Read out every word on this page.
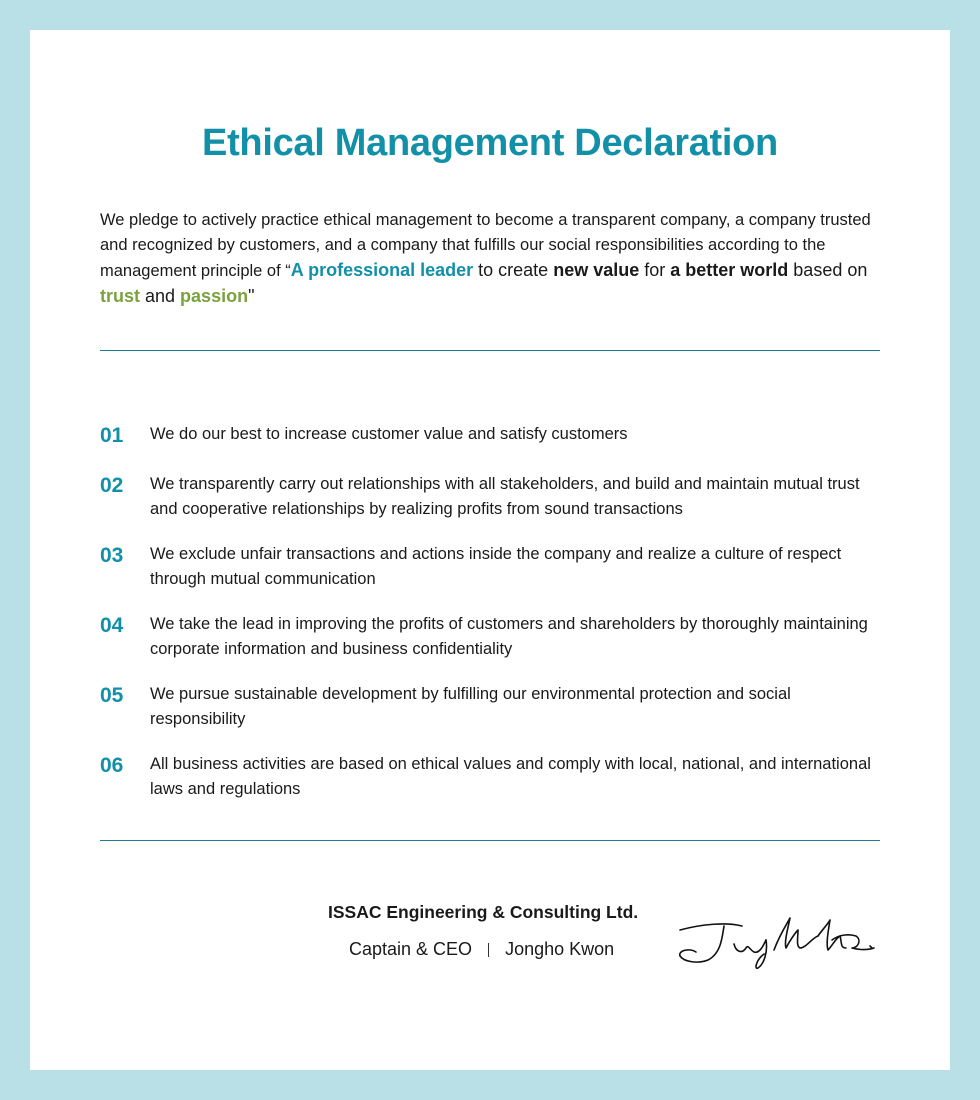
Ethical Management Declaration

We pledge to actively practice ethical management to become a transparent company, a company trusted and recognized by customers, and a company that fulfills our social responsibilities according to the management principle of “A professional leader to create new value for a better world based on trust and passion"

01	We do our best to increase customer value and satisfy customers
02	We transparently carry out relationships with all stakeholders, and build and maintain mutual trust and cooperative relationships by realizing profits from sound transactions
03	We exclude unfair transactions and actions inside the company and realize a culture of respect through mutual communication
04	We take the lead in improving the profits of customers and shareholders by thoroughly maintaining corporate information and business confidentiality
05	We pursue sustainable development by fulfilling our environmental protection and social responsibility
06	All business activities are based on ethical values and comply with local, national, and international laws and regulations
ISSAC Engineering & Consulting Ltd.
Captain & CEO Jongho Kwon
